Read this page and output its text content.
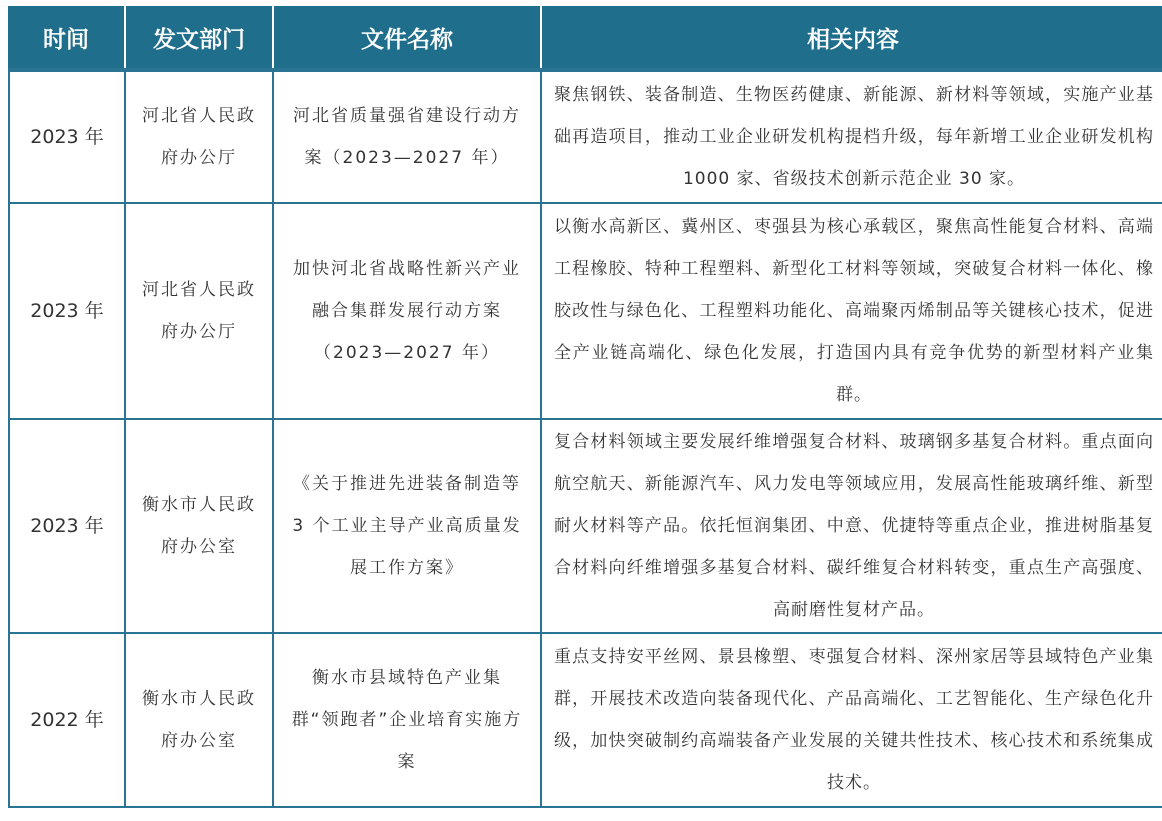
时间	发文部门	文件名称	相关内容
2023 年	河北省人民政府办公厅	河北省质量强省建设行动方案（2023—2027 年）	聚焦钢铁、装备制造、生物医药健康、新能源、新材料等领域，实施产业基础再造项目，推动工业企业研发机构提档升级，每年新增工业企业研发机构 1000 家、省级技术创新示范企业 30 家。
2023 年	河北省人民政府办公厅	加快河北省战略性新兴产业融合集群发展行动方案（2023—2027 年）	以衡水高新区、冀州区、枣强县为核心承载区，聚焦高性能复合材料、高端工程橡胶、特种工程塑料、新型化工材料等领域，突破复合材料一体化、橡胶改性与绿色化、工程塑料功能化、高端聚丙烯制品等关键核心技术，促进全产业链高端化、绿色化发展，打造国内具有竞争优势的新型材料产业集群。
2023 年	衡水市人民政府办公室	《关于推进先进装备制造等 3 个工业主导产业高质量发展工作方案》	复合材料领域主要发展纤维增强复合材料、玻璃钢多基复合材料。重点面向航空航天、新能源汽车、风力发电等领域应用，发展高性能玻璃纤维、新型耐火材料等产品。依托恒润集团、中意、优捷特等重点企业，推进树脂基复合材料向纤维增强多基复合材料、碳纤维复合材料转变，重点生产高强度、高耐磨性复材产品。
2022 年	衡水市人民政府办公室	衡水市县域特色产业集群“领跑者”企业培育实施方案	重点支持安平丝网、景县橡塑、枣强复合材料、深州家居等县域特色产业集群，开展技术改造向装备现代化、产品高端化、工艺智能化、生产绿色化升级，加快突破制约高端装备产业发展的关键共性技术、核心技术和系统集成技术。
